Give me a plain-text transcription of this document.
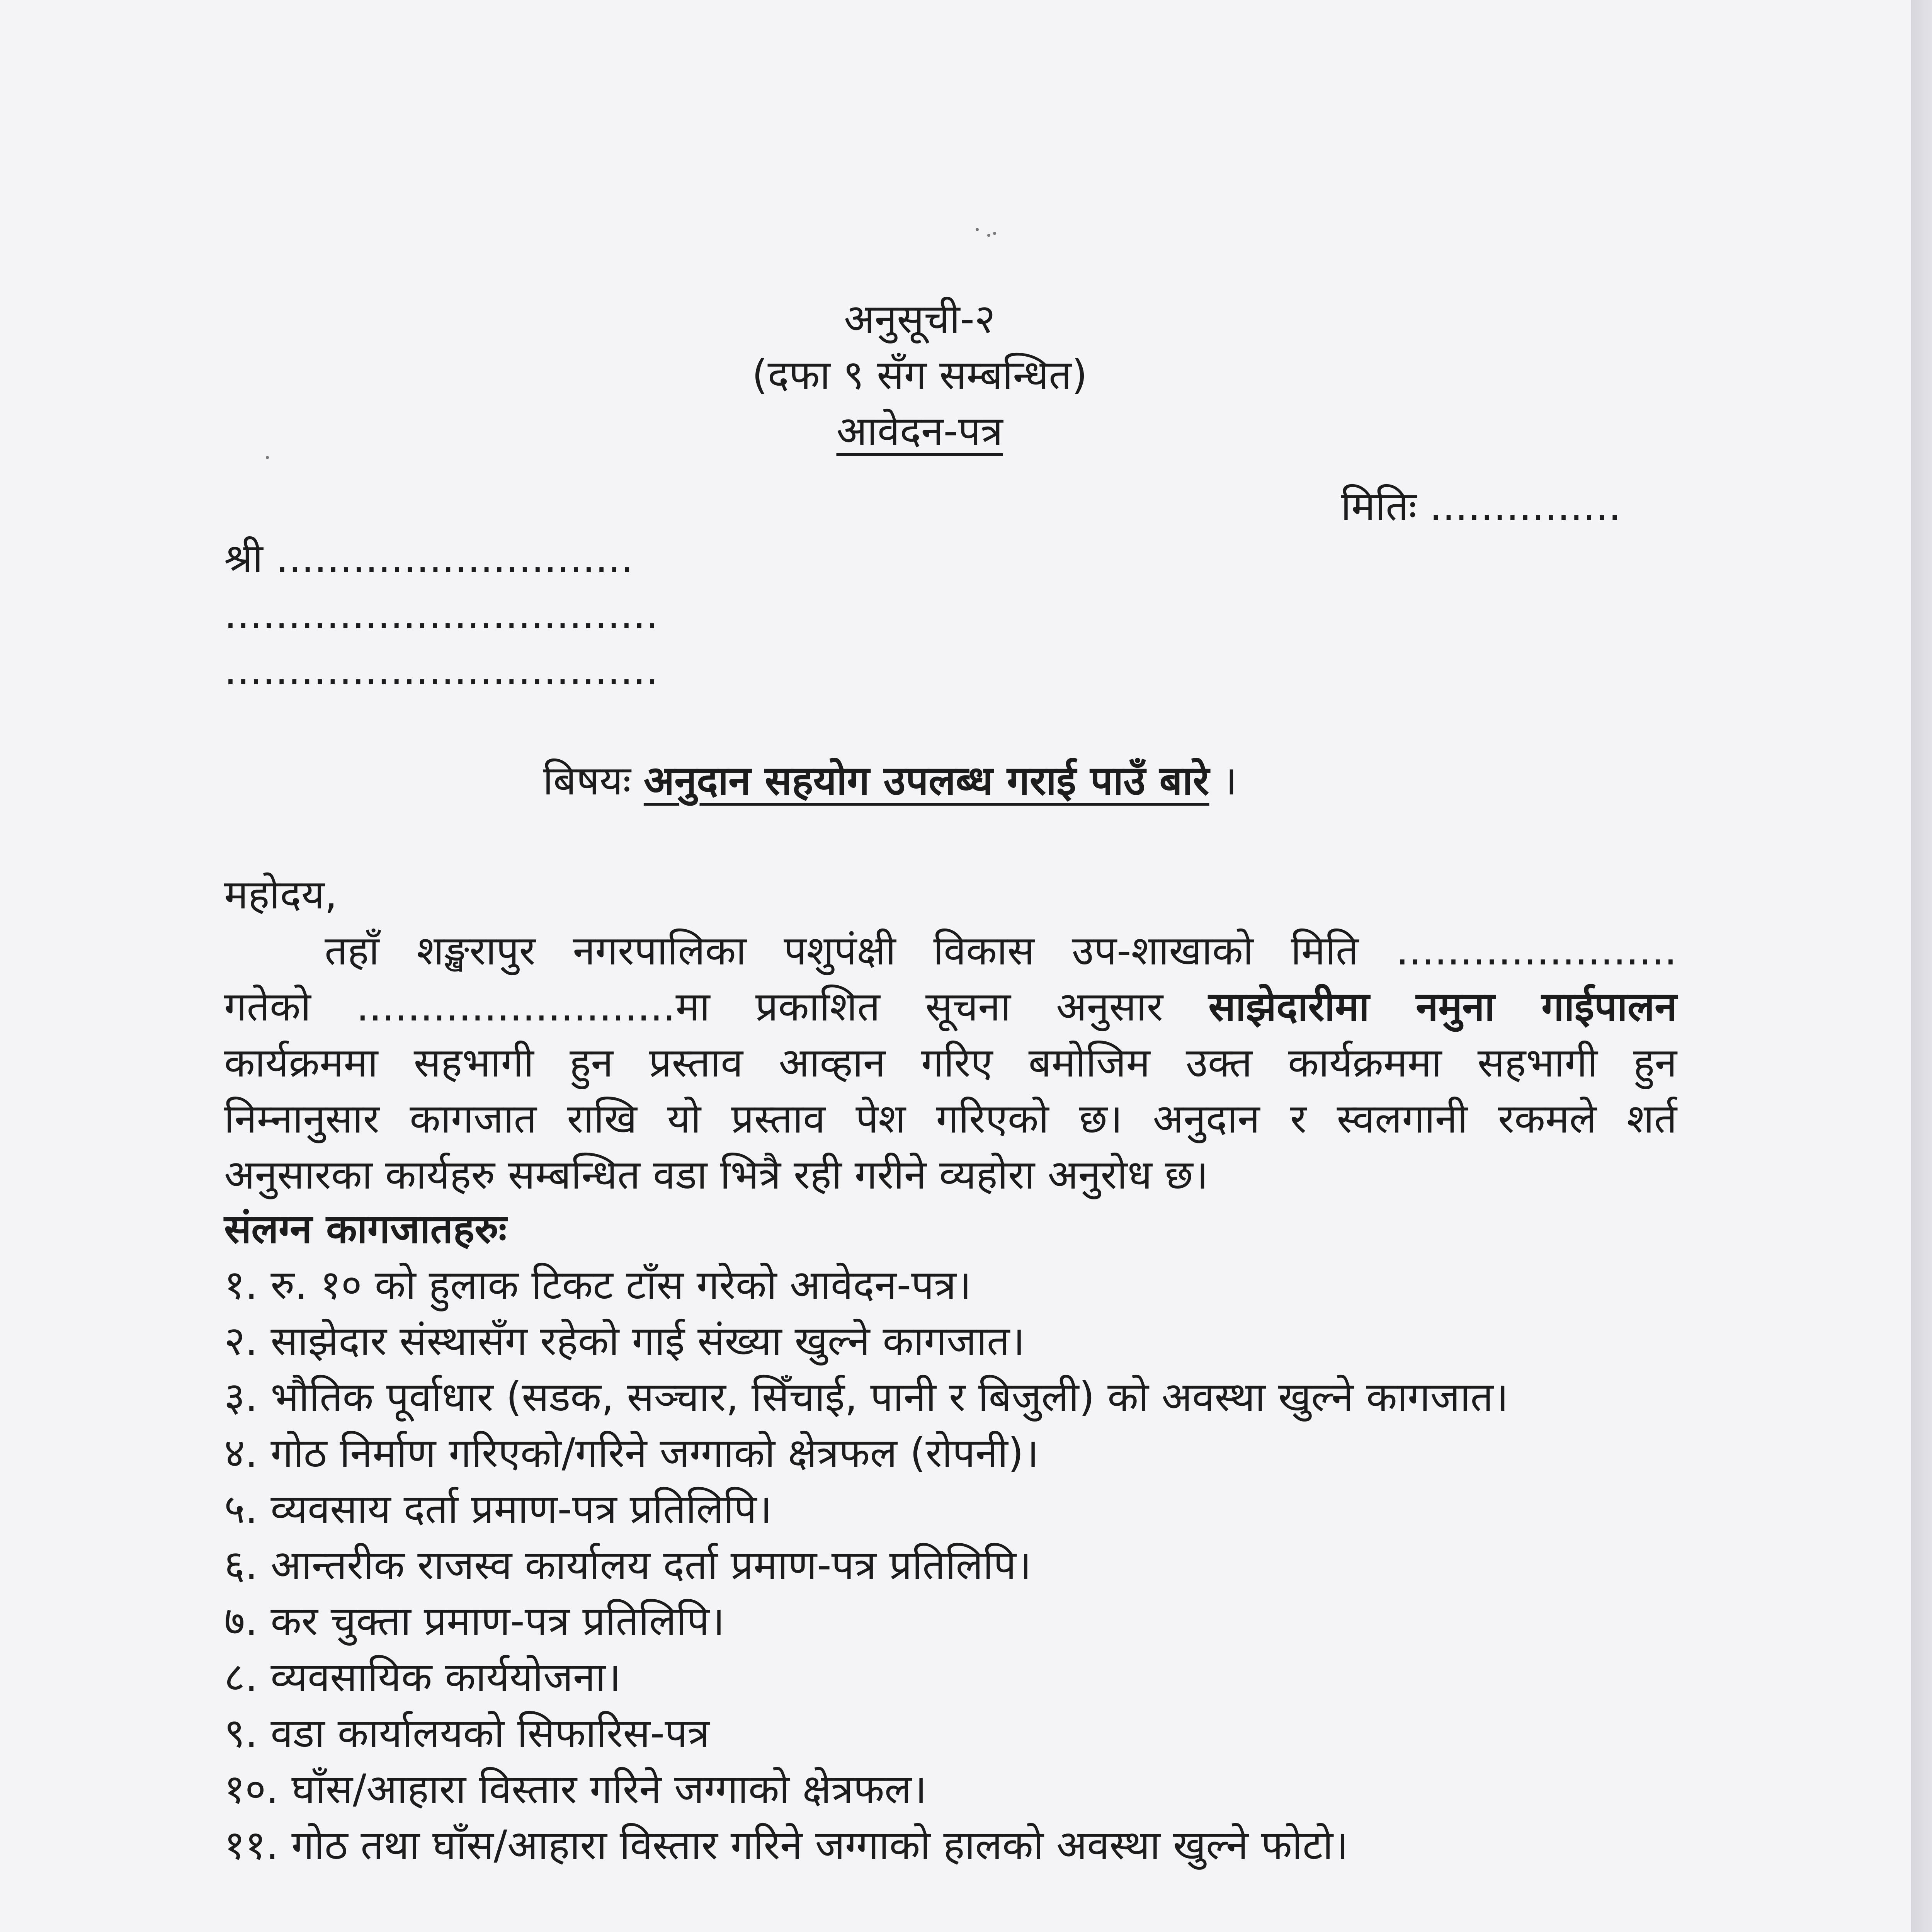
अनुसूची-२
(दफा ९ सँग सम्बन्धित)
आवेदन-पत्र
मितिः ...............
श्री ............................
..................................
..................................
बिषयः अनुदान सहयोग उपलब्ध गराई पाउँ बारे ।
महोदय,
तहाँ शङ्खरापुर नगरपालिका पशुपंक्षी विकास उप-शाखाको मिति ......................
गतेको .........................मा प्रकाशित सूचना अनुसार साझेदारीमा नमुना गाईपालन
कार्यक्रममा सहभागी हुन प्रस्ताव आव्हान गरिए बमोजिम उक्त कार्यक्रममा सहभागी हुन
निम्नानुसार कागजात राखि यो प्रस्ताव पेश गरिएको छ। अनुदान र स्वलगानी रकमले शर्त
अनुसारका कार्यहरु सम्बन्धित वडा भित्रै रही गरीने व्यहोरा अनुरोध छ।
संलग्न कागजातहरुः
१. रु. १० को हुलाक टिकट टाँस गरेको आवेदन-पत्र।
२. साझेदार संस्थासँग रहेको गाई संख्या खुल्ने कागजात।
३. भौतिक पूर्वाधार (सडक, सञ्चार, सिँचाई, पानी र बिजुली) को अवस्था खुल्ने कागजात।
४. गोठ निर्माण गरिएको/गरिने जग्गाको क्षेत्रफल (रोपनी)।
५. व्यवसाय दर्ता प्रमाण-पत्र प्रतिलिपि।
६. आन्तरीक राजस्व कार्यालय दर्ता प्रमाण-पत्र प्रतिलिपि।
७. कर चुक्ता प्रमाण-पत्र प्रतिलिपि।
८. व्यवसायिक कार्ययोजना।
९. वडा कार्यालयको सिफारिस-पत्र
१०. घाँस/आहारा विस्तार गरिने जग्गाको क्षेत्रफल।
११. गोठ तथा घाँस/आहारा विस्तार गरिने जग्गाको हालको अवस्था खुल्ने फोटो।
